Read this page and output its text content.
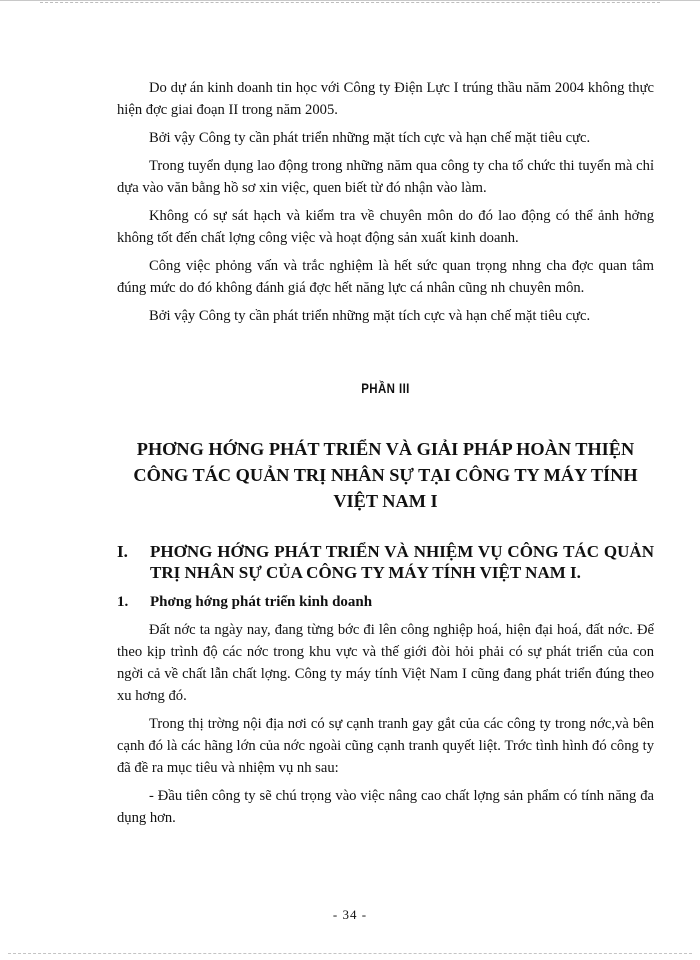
Do dự án kinh doanh tin học với Công ty Điện Lực I trúng thầu năm 2004 không thực hiện đợc giai đoạn II trong năm 2005.

Bởi vậy Công ty cần phát triển những mặt tích cực và hạn chế mặt tiêu cực.

Trong tuyển dụng lao động trong những năm qua công ty cha tổ chức thi tuyển mà chỉ dựa vào văn bằng hồ sơ xin việc, quen biết từ đó nhận vào làm.

Không có sự sát hạch và kiểm tra về chuyên môn do đó lao động có thể ảnh hởng không tốt đến chất lợng công việc và hoạt động sản xuất kinh doanh.

Công việc phỏng vấn và trắc nghiệm là hết sức quan trọng nhng cha đợc quan tâm đúng mức do đó không đánh giá đợc hết năng lực cá nhân cũng nh chuyên môn.

Bởi vậy Công ty cần phát triển những mặt tích cực và hạn chế mặt tiêu cực.

PHẦN III
PHƠNG HỚNG PHÁT TRIỂN VÀ GIẢI PHÁP HOÀN THIỆN CÔNG TÁC QUẢN TRỊ NHÂN SỰ TẠI CÔNG TY MÁY TÍNH VIỆT NAM I
I.	PHƠNG HỚNG PHÁT TRIỂN VÀ NHIỆM VỤ CÔNG TÁC QUẢN TRỊ NHÂN SỰ CỦA CÔNG TY MÁY TÍNH VIỆT NAM I.
1.	Phơng hớng phát triển kinh doanh

Đất nớc ta ngày nay, đang từng bớc đi lên công nghiệp hoá, hiện đại hoá, đất nớc. Để theo kịp trình độ các nớc trong khu vực và thế giới đòi hỏi phải có sự phát triển của con ngời cả về chất lẫn chất lợng. Công ty máy tính Việt Nam I cũng đang phát triển đúng theo xu hơng đó.

Trong thị trờng nội địa nơi có sự cạnh tranh gay gắt của các công ty trong nớc,và bên cạnh đó là các hãng lớn của nớc ngoài cũng cạnh tranh quyết liệt. Trớc tình hình đó công ty đã đề ra mục tiêu và nhiệm vụ nh sau:

- Đầu tiên công ty sẽ chú trọng vào việc nâng cao chất lợng sản phẩm có tính năng đa dụng hơn.

- 34 -
